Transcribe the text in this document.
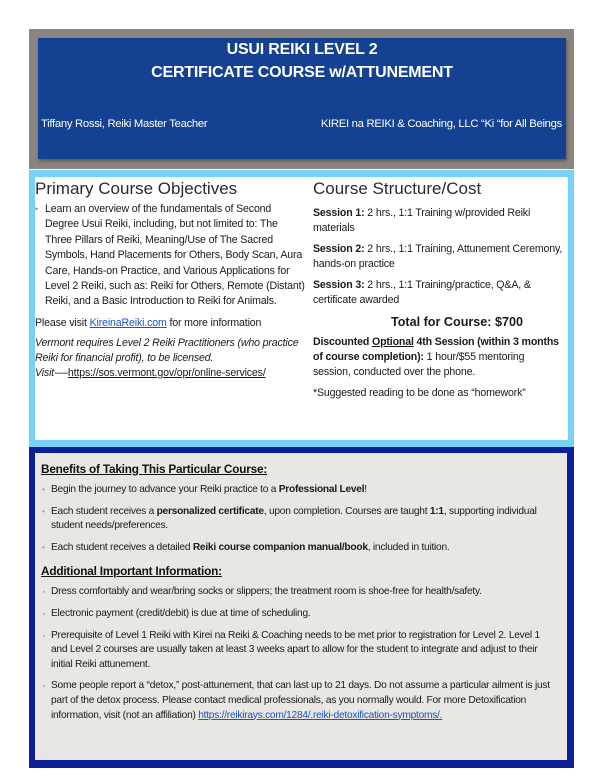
USUI REIKI LEVEL 2
CERTIFICATE COURSE w/ATTUNEMENT
Tiffany Rossi, Reiki Master Teacher	KIREI na REIKI & Coaching, LLC “Ki “for All Beings
Primary Course Objectives
• Learn an overview of the fundamentals of Second Degree Usui Reiki, including, but not limited to: The Three Pillars of Reiki, Meaning/Use of The Sacred Symbols, Hand Placements for Others, Body Scan, Aura Care, Hands-on Practice, and Various Applications for Level 2 Reiki, such as: Reiki for Others, Remote (Distant) Reiki, and a Basic Introduction to Reiki for Animals.

Please visit KireinaReiki.com for more information

Vermont requires Level 2 Reiki Practitioners (who practice Reiki for financial profit), to be licensed.
Visit-—https://sos.vermont.gov/opr/online-services/

Course Structure/Cost

Session 1: 2 hrs., 1:1 Training w/provided Reiki materials

Session 2: 2 hrs., 1:1 Training, Attunement Ceremony, hands-on practice

Session 3: 2 hrs., 1:1 Training/practice, Q&A, & certificate awarded

Total for Course: $700

Discounted Optional 4th Session (within 3 months of course completion): 1 hour/$55 mentoring session, conducted over the phone.

*Suggested reading to be done as “homework”

Benefits of Taking This Particular Course:
• Begin the journey to advance your Reiki practice to a Professional Level!
• Each student receives a personalized certificate, upon completion. Courses are taught 1:1, supporting individual student needs/preferences.
• Each student receives a detailed Reiki course companion manual/book, included in tuition.
Additional Important Information:
· Dress comfortably and wear/bring socks or slippers; the treatment room is shoe-free for health/safety.
· Electronic payment (credit/debit) is due at time of scheduling.
· Prerequisite of Level 1 Reiki with Kirei na Reiki & Coaching needs to be met prior to registration for Level 2. Level 1 and Level 2 courses are usually taken at least 3 weeks apart to allow for the student to integrate and adjust to their initial Reiki attunement.
· Some people report a “detox,” post-attunement, that can last up to 21 days. Do not assume a particular ailment is just part of the detox process. Please contact medical professionals, as you normally would. For more Detoxification information, visit (not an affiliation) https://reikirays.com/1284/.reiki-detoxification-symptoms/.
